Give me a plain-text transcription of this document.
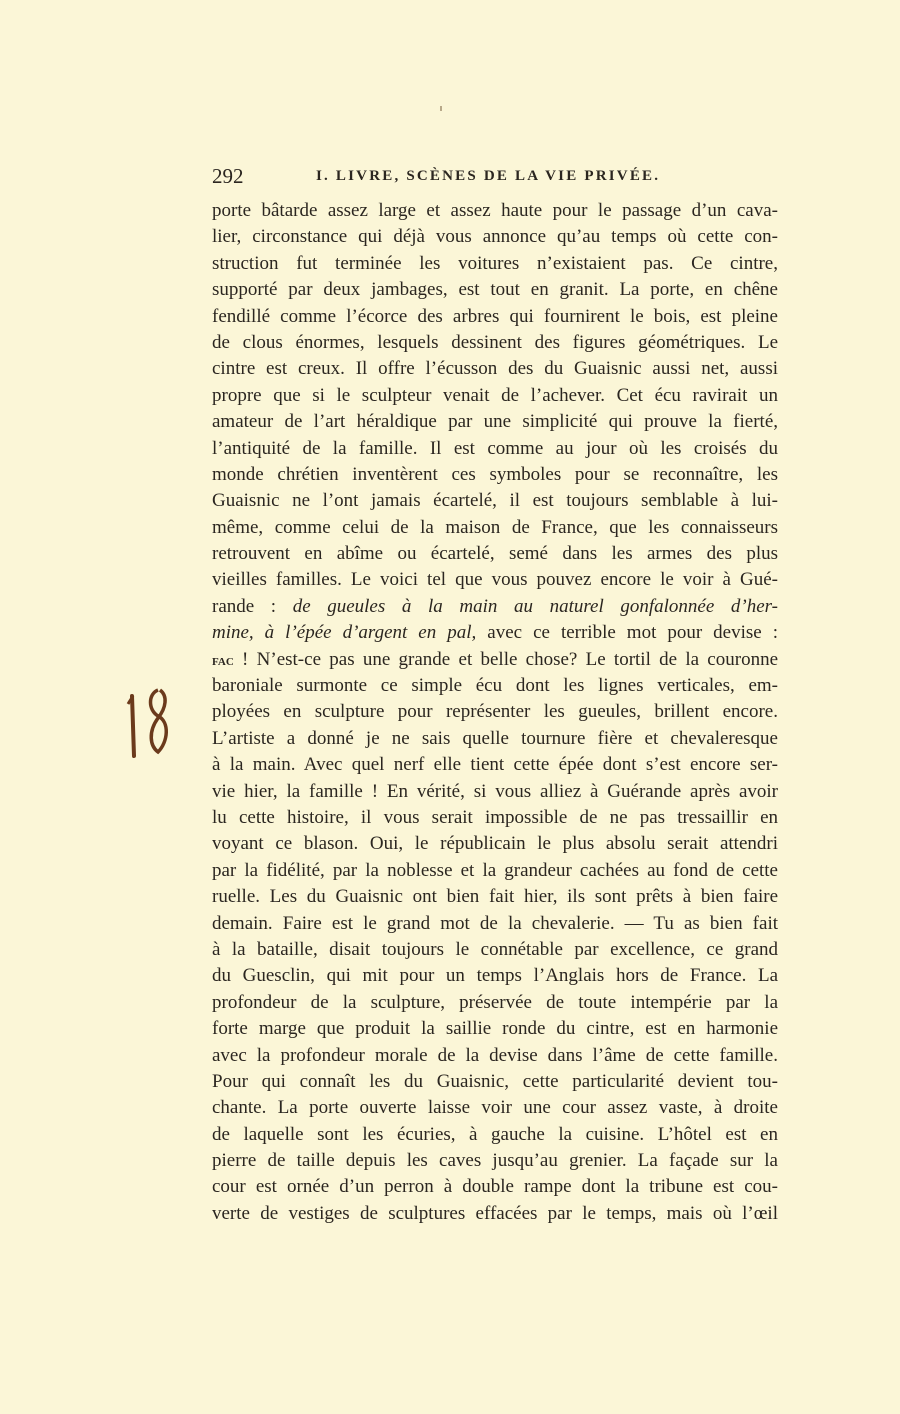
292	I. LIVRE, SCÈNES DE LA VIE PRIVÉE.
porte bâtarde assez large et assez haute pour le passage d’un cava-
lier, circonstance qui déjà vous annonce qu’au temps où cette con-
struction fut terminée les voitures n’existaient pas. Ce cintre,
supporté par deux jambages, est tout en granit. La porte, en chêne
fendillé comme l’écorce des arbres qui fournirent le bois, est pleine
de clous énormes, lesquels dessinent des figures géométriques. Le
cintre est creux. Il offre l’écusson des du Guaisnic aussi net, aussi
propre que si le sculpteur venait de l’achever. Cet écu ravirait un
amateur de l’art héraldique par une simplicité qui prouve la fierté,
l’antiquité de la famille. Il est comme au jour où les croisés du
monde chrétien inventèrent ces symboles pour se reconnaître, les
Guaisnic ne l’ont jamais écartelé, il est toujours semblable à lui-
même, comme celui de la maison de France, que les connaisseurs
retrouvent en abîme ou écartelé, semé dans les armes des plus
vieilles familles. Le voici tel que vous pouvez encore le voir à Gué-
rande : de gueules à la main au naturel gonfalonnée d’her-
mine, à l’épée d’argent en pal, avec ce terrible mot pour devise :
fac ! N’est-ce pas une grande et belle chose? Le tortil de la couronne
baroniale surmonte ce simple écu dont les lignes verticales, em-
ployées en sculpture pour représenter les gueules, brillent encore.
L’artiste a donné je ne sais quelle tournure fière et chevaleresque
à la main. Avec quel nerf elle tient cette épée dont s’est encore ser-
vie hier, la famille ! En vérité, si vous alliez à Guérande après avoir
lu cette histoire, il vous serait impossible de ne pas tressaillir en
voyant ce blason. Oui, le républicain le plus absolu serait attendri
par la fidélité, par la noblesse et la grandeur cachées au fond de cette
ruelle. Les du Guaisnic ont bien fait hier, ils sont prêts à bien faire
demain. Faire est le grand mot de la chevalerie. — Tu as bien fait
à la bataille, disait toujours le connétable par excellence, ce grand
du Guesclin, qui mit pour un temps l’Anglais hors de France. La
profondeur de la sculpture, préservée de toute intempérie par la
forte marge que produit la saillie ronde du cintre, est en harmonie
avec la profondeur morale de la devise dans l’âme de cette famille.
Pour qui connaît les du Guaisnic, cette particularité devient tou-
chante. La porte ouverte laisse voir une cour assez vaste, à droite
de laquelle sont les écuries, à gauche la cuisine. L’hôtel est en
pierre de taille depuis les caves jusqu’au grenier. La façade sur la
cour est ornée d’un perron à double rampe dont la tribune est cou-
verte de vestiges de sculptures effacées par le temps, mais où l’œil
